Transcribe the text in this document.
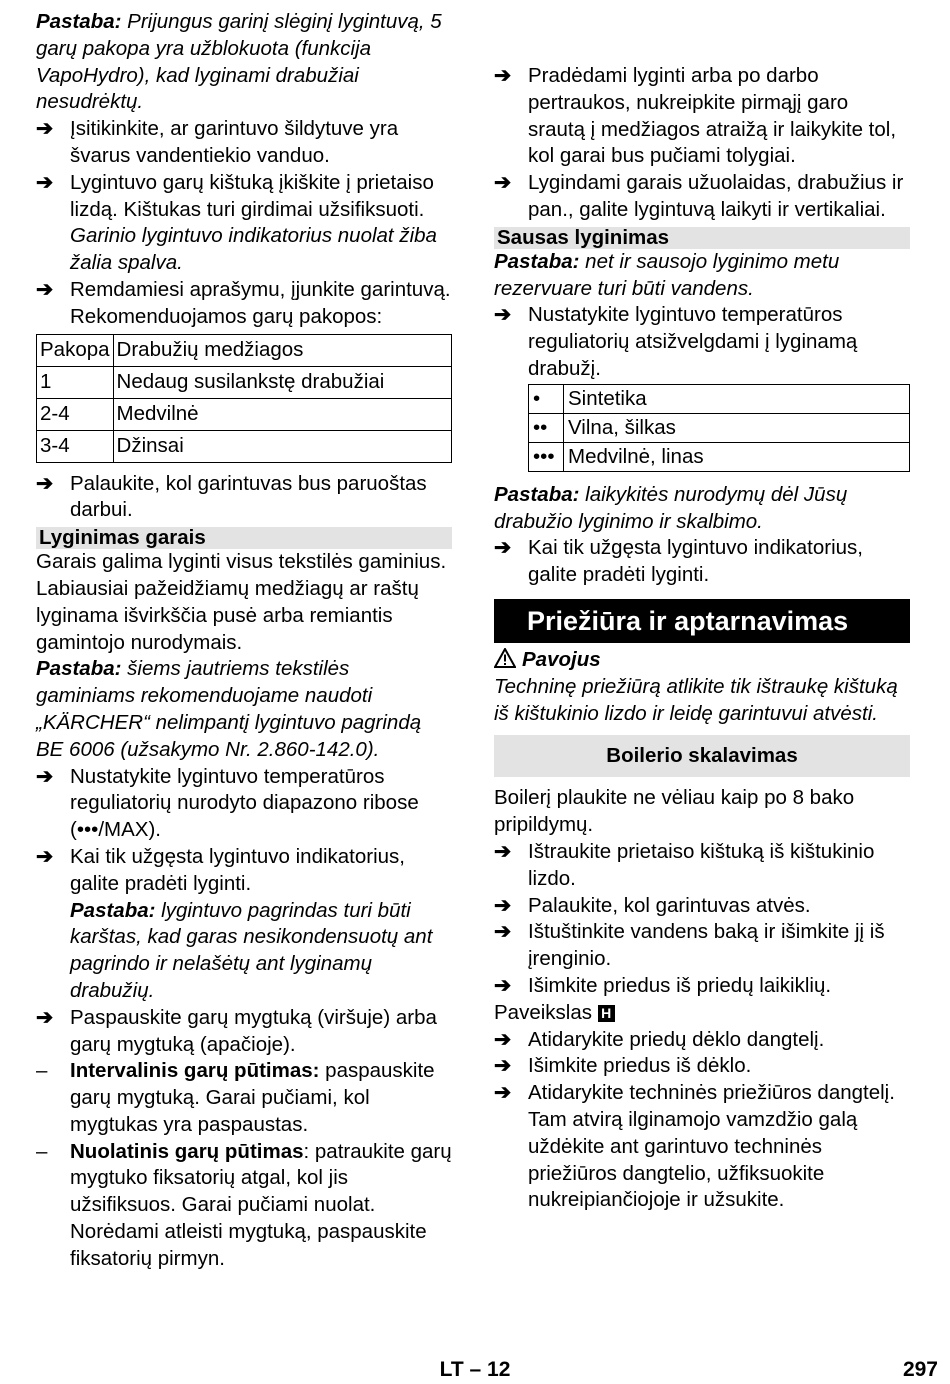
Pastaba: Prijungus garinį slėginį lygintuvą, 5 garų pakopa yra užblokuota (funkcija VapoHydro), kad lyginami drabužiai nesudrėktų.

➔ Įsitikinkite, ar garintuvo šildytuve yra švarus vandentiekio vanduo.
➔ Lygintuvo garų kištuką įkiškite į prietaiso lizdą. Kištukas turi girdimai užsifiksuoti.

Garinio lygintuvo indikatorius nuolat žiba žalia spalva.

➔ Remdamiesi aprašymu, įjunkite garintuvą.

Rekomenduojamos garų pakopos:

Pakopa	Drabužių medžiagos
1	Nedaug susilankstę drabužiai
2-4	Medvilnė
3-4	Džinsai
➔ Palaukite, kol garintuvas bus paruoštas darbui.
Lyginimas garais

Garais galima lyginti visus tekstilės gaminius. Labiausiai pažeidžiamų medžiagų ar raštų lyginama išvirkščia pusė arba remiantis gamintojo nurodymais.

Pastaba: šiems jautriems tekstilės gaminiams rekomenduojame naudoti „KÄRCHER“ nelimpantį lygintuvo pagrindą BE 6006 (užsakymo Nr. 2.860-142.0).

➔ Nustatykite lygintuvo temperatūros reguliatorių nurodyto diapazono ribose (•••/MAX).
➔ Kai tik užgęsta lygintuvo indikatorius, galite pradėti lyginti.

Pastaba: lygintuvo pagrindas turi būti karštas, kad garas nesikondensuotų ant pagrindo ir nelašėtų ant lyginamų drabužių.

➔ Paspauskite garų mygtuką (viršuje) arba garų mygtuką (apačioje).
– Intervalinis garų pūtimas: paspauskite garų mygtuką. Garai pučiami, kol mygtukas yra paspaustas.
– Nuolatinis garų pūtimas: patraukite garų mygtuko fiksatorių atgal, kol jis užsifiksuos. Garai pučiami nuolat. Norėdami atleisti mygtuką, paspauskite fiksatorių pirmyn.
➔ Pradėdami lyginti arba po darbo pertraukos, nukreipkite pirmąjį garo srautą į medžiagos atraižą ir laikykite tol, kol garai bus pučiami tolygiai.
➔ Lygindami garais užuolaidas, drabužius ir pan., galite lygintuvą laikyti ir vertikaliai.
Sausas lyginimas

Pastaba: net ir sausojo lyginimo metu rezervuare turi būti vandens.

➔ Nustatykite lygintuvo temperatūros reguliatorių atsižvelgdami į lyginamą drabužį.
•	Sintetika
••	Vilna, šilkas
•••	Medvilnė, linas

Pastaba: laikykitės nurodymų dėl Jūsų drabužio lyginimo ir skalbimo.

➔ Kai tik užgęsta lygintuvo indikatorius, galite pradėti lyginti.
Priežiūra ir aptarnavimas

Pavojus

Techninę priežiūrą atlikite tik ištraukę kištuką iš kištukinio lizdo ir leidę garintuvui atvėsti.

Boilerio skalavimas

Boilerį plaukite ne vėliau kaip po 8 bako pripildymų.

➔ Ištraukite prietaiso kištuką iš kištukinio lizdo.
➔ Palaukite, kol garintuvas atvės.
➔ Ištuštinkite vandens baką ir išimkite jį iš įrenginio.
➔ Išimkite priedus iš priedų laikiklių.

Paveikslas H

➔ Atidarykite priedų dėklo dangtelį.
➔ Išimkite priedus iš dėklo.
➔ Atidarykite techninės priežiūros dangtelį. Tam atvirą ilginamojo vamzdžio galą uždėkite ant garintuvo techninės priežiūros dangtelio, užfiksuokite nukreipiančiojoje ir užsukite.
LT – 12	297
